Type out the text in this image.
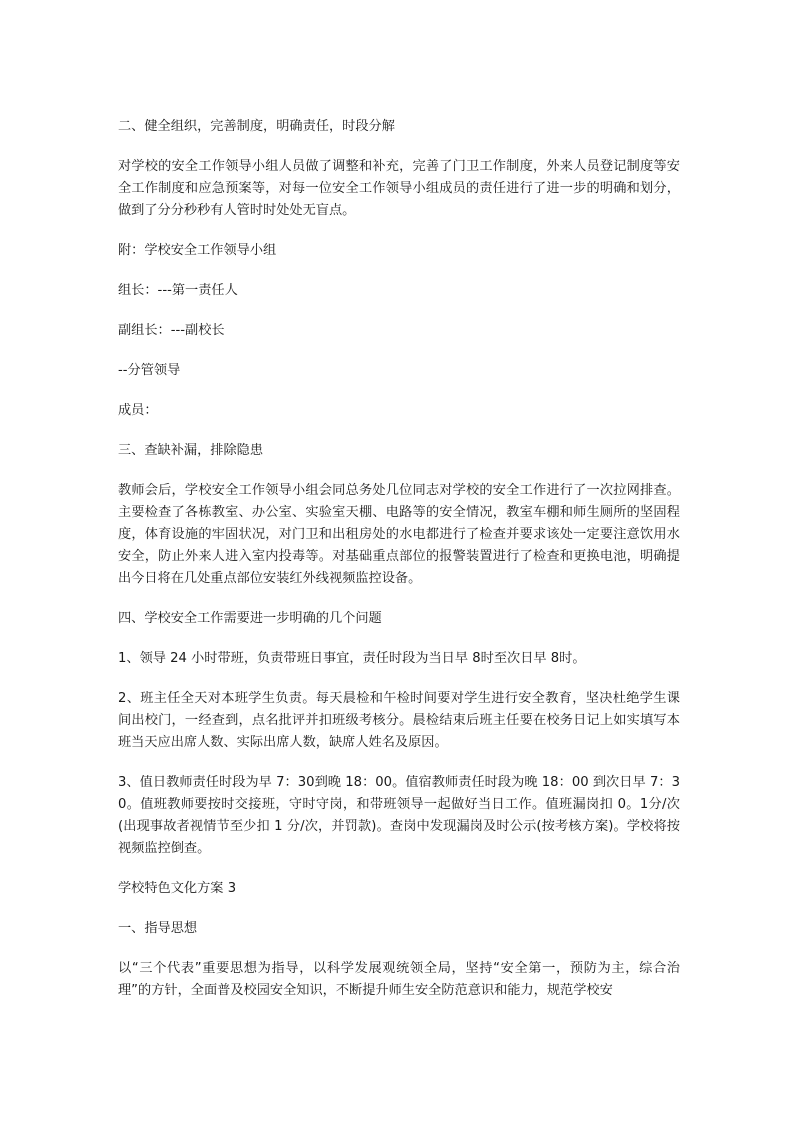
二、健全组织，完善制度，明确责任，时段分解

对学校的安全工作领导小组人员做了调整和补充，完善了门卫工作制度，外来人员登记制度等安全工作制度和应急预案等，对每一位安全工作领导小组成员的责任进行了进一步的明确和划分，做到了分分秒秒有人管时时处处无盲点。

附：学校安全工作领导小组

组长：---第一责任人

副组长：---副校长

--分管领导

成员：

三、查缺补漏，排除隐患

教师会后，学校安全工作领导小组会同总务处几位同志对学校的安全工作进行了一次拉网排查。主要检查了各栋教室、办公室、实验室天棚、电路等的安全情况，教室车棚和师生厕所的坚固程度，体育设施的牢固状况，对门卫和出租房处的水电都进行了检查并要求该处一定要注意饮用水安全，防止外来人进入室内投毒等。对基础重点部位的报警装置进行了检查和更换电池，明确提出今日将在几处重点部位安装红外线视频监控设备。

四、学校安全工作需要进一步明确的几个问题

1、领导 24 小时带班，负责带班日事宜，责任时段为当日早 8时至次日早 8时。

2、班主任全天对本班学生负责。每天晨检和午检时间要对学生进行安全教育，坚决杜绝学生课间出校门，一经查到，点名批评并扣班级考核分。晨检结束后班主任要在校务日记上如实填写本班当天应出席人数、实际出席人数，缺席人姓名及原因。

3、值日教师责任时段为早 7：30到晚 18：00。值宿教师责任时段为晚 18：00 到次日早 7：30。值班教师要按时交接班，守时守岗，和带班领导一起做好当日工作。值班漏岗扣 0。1分/次(出现事故者视情节至少扣 1 分/次，并罚款)。查岗中发现漏岗及时公示(按考核方案)。学校将按视频监控倒查。

学校特色文化方案 3

一、指导思想

以“三个代表”重要思想为指导，以科学发展观统领全局，坚持“安全第一，预防为主，综合治理”的方针，全面普及校园安全知识，不断提升师生安全防范意识和能力，规范学校安
